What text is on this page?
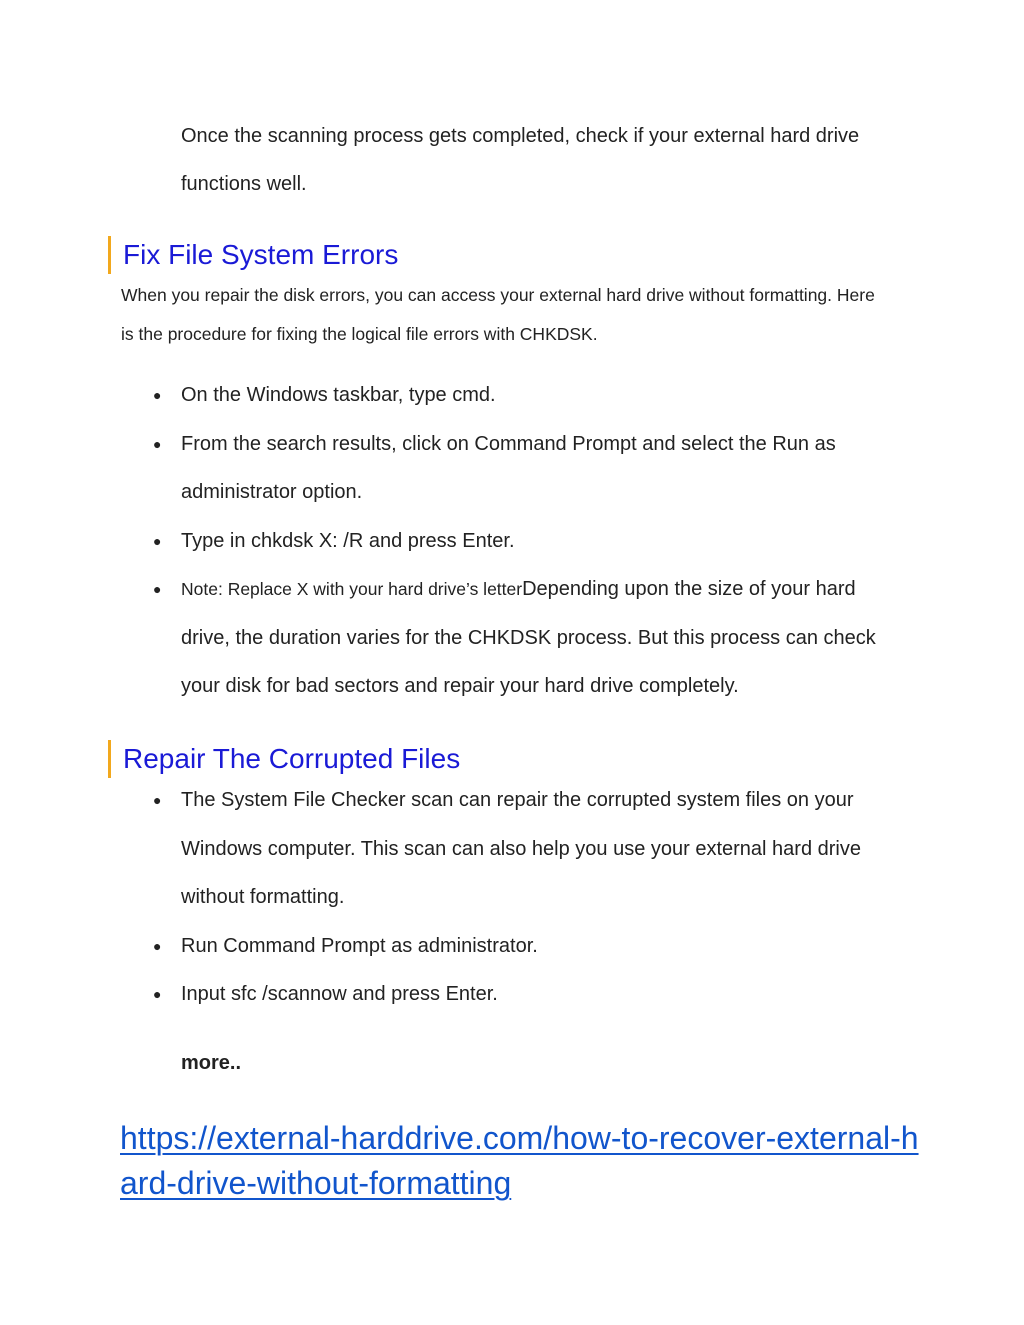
Once the scanning process gets completed, check if your external hard drive functions well.

Fix File System Errors

When you repair the disk errors, you can access your external hard drive without formatting. Here is the procedure for fixing the logical file errors with CHKDSK.

● On the Windows taskbar, type cmd.
● From the search results, click on Command Prompt and select the Run as administrator option.
● Type in chkdsk X: /R and press Enter.
● Note: Replace X with your hard drive’s letterDepending upon the size of your hard drive, the duration varies for the CHKDSK process. But this process can check your disk for bad sectors and repair your hard drive completely.
Repair The Corrupted Files
● The System File Checker scan can repair the corrupted system files on your Windows computer. This scan can also help you use your external hard drive without formatting.
● Run Command Prompt as administrator.
● Input sfc /scannow and press Enter.

more..

https://external-harddrive.com/how-to-recover-external-hard-drive-without-formatting
